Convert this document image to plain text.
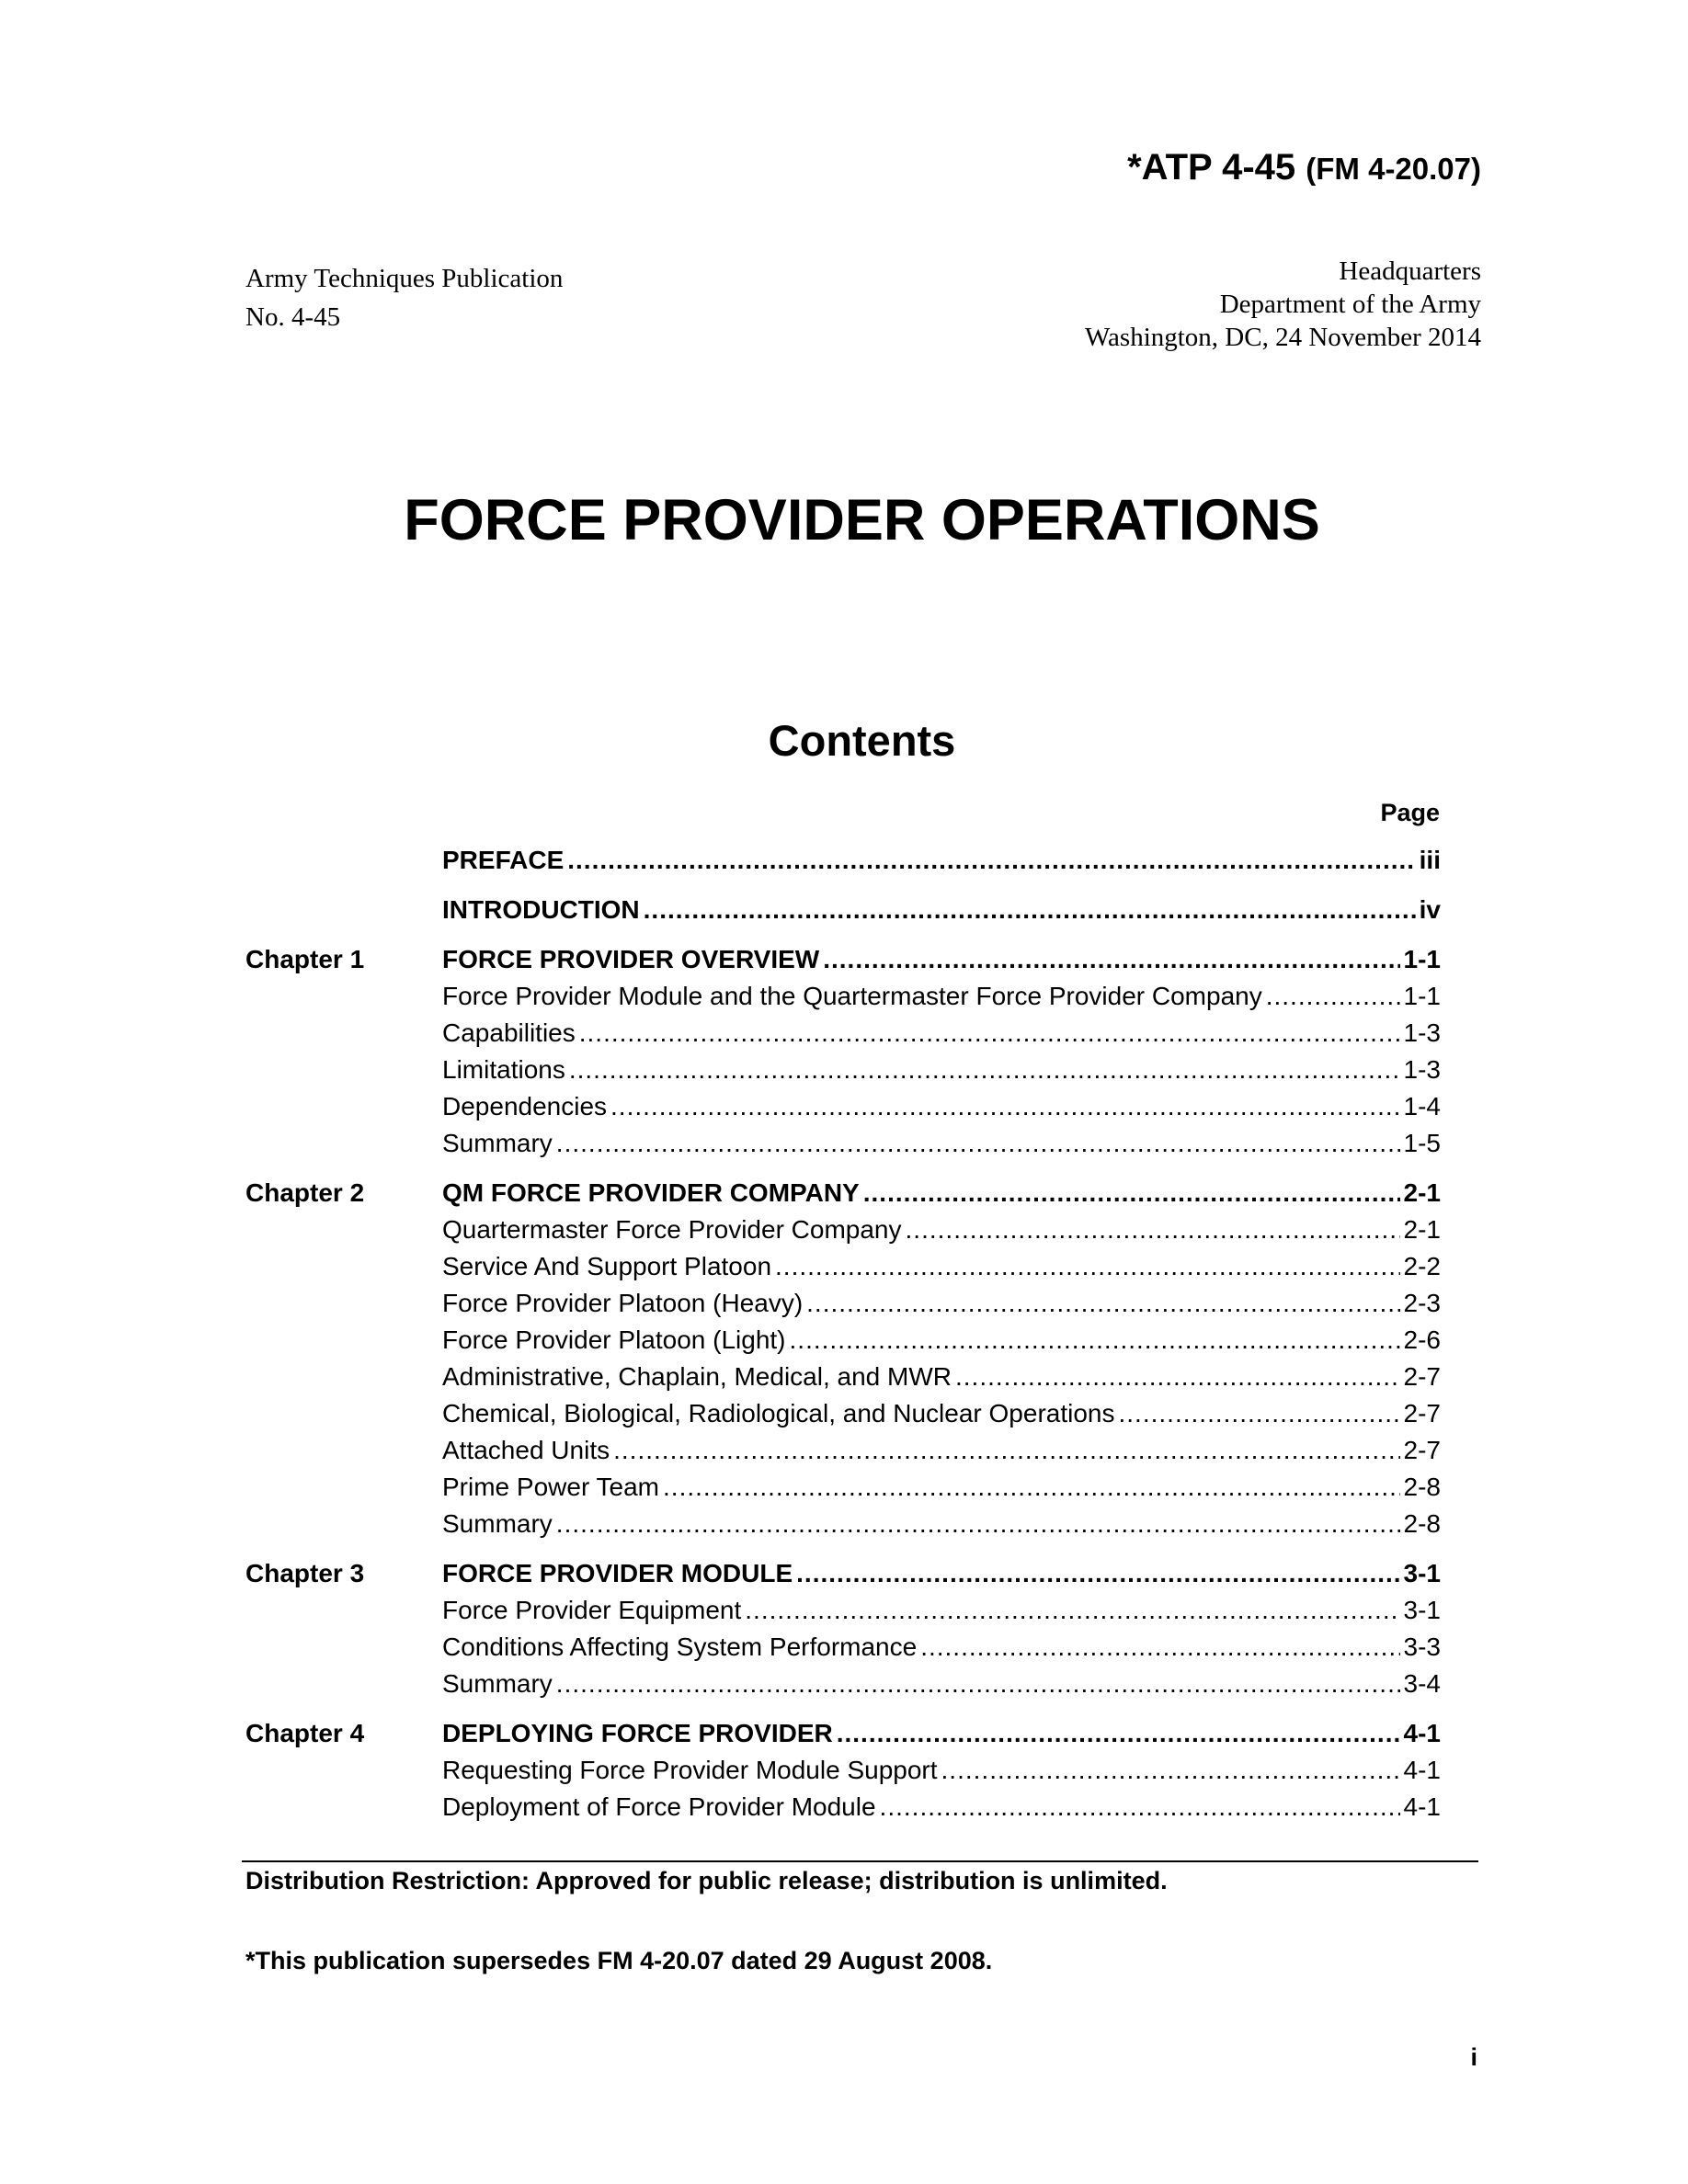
*ATP 4-45 (FM 4-20.07)
Army Techniques Publication
No. 4-45
Headquarters
Department of the Army
Washington, DC, 24 November 2014
FORCE PROVIDER OPERATIONS
Contents
Page
PREFACE .....	iii
INTRODUCTION .....	iv
Chapter 1	FORCE PROVIDER OVERVIEW .....	1-1
Force Provider Module and the Quartermaster Force Provider Company .....	1-1
Capabilities .....	1-3
Limitations .....	1-3
Dependencies .....	1-4
Summary .....	1-5
Chapter 2	QM FORCE PROVIDER COMPANY .....	2-1
Quartermaster Force Provider Company .....	2-1
Service And Support Platoon .....	2-2
Force Provider Platoon (Heavy) .....	2-3
Force Provider Platoon (Light) .....	2-6
Administrative, Chaplain, Medical, and MWR .....	2-7
Chemical, Biological, Radiological, and Nuclear Operations .....	2-7
Attached Units .....	2-7
Prime Power Team .....	2-8
Summary .....	2-8
Chapter 3	FORCE PROVIDER MODULE .....	3-1
Force Provider Equipment .....	3-1
Conditions Affecting System Performance .....	3-3
Summary .....	3-4
Chapter 4	DEPLOYING FORCE PROVIDER .....	4-1
Requesting Force Provider Module Support .....	4-1
Deployment of Force Provider Module .....	4-1
Distribution Restriction: Approved for public release; distribution is unlimited.
*This publication supersedes FM 4-20.07 dated 29 August 2008.
i
